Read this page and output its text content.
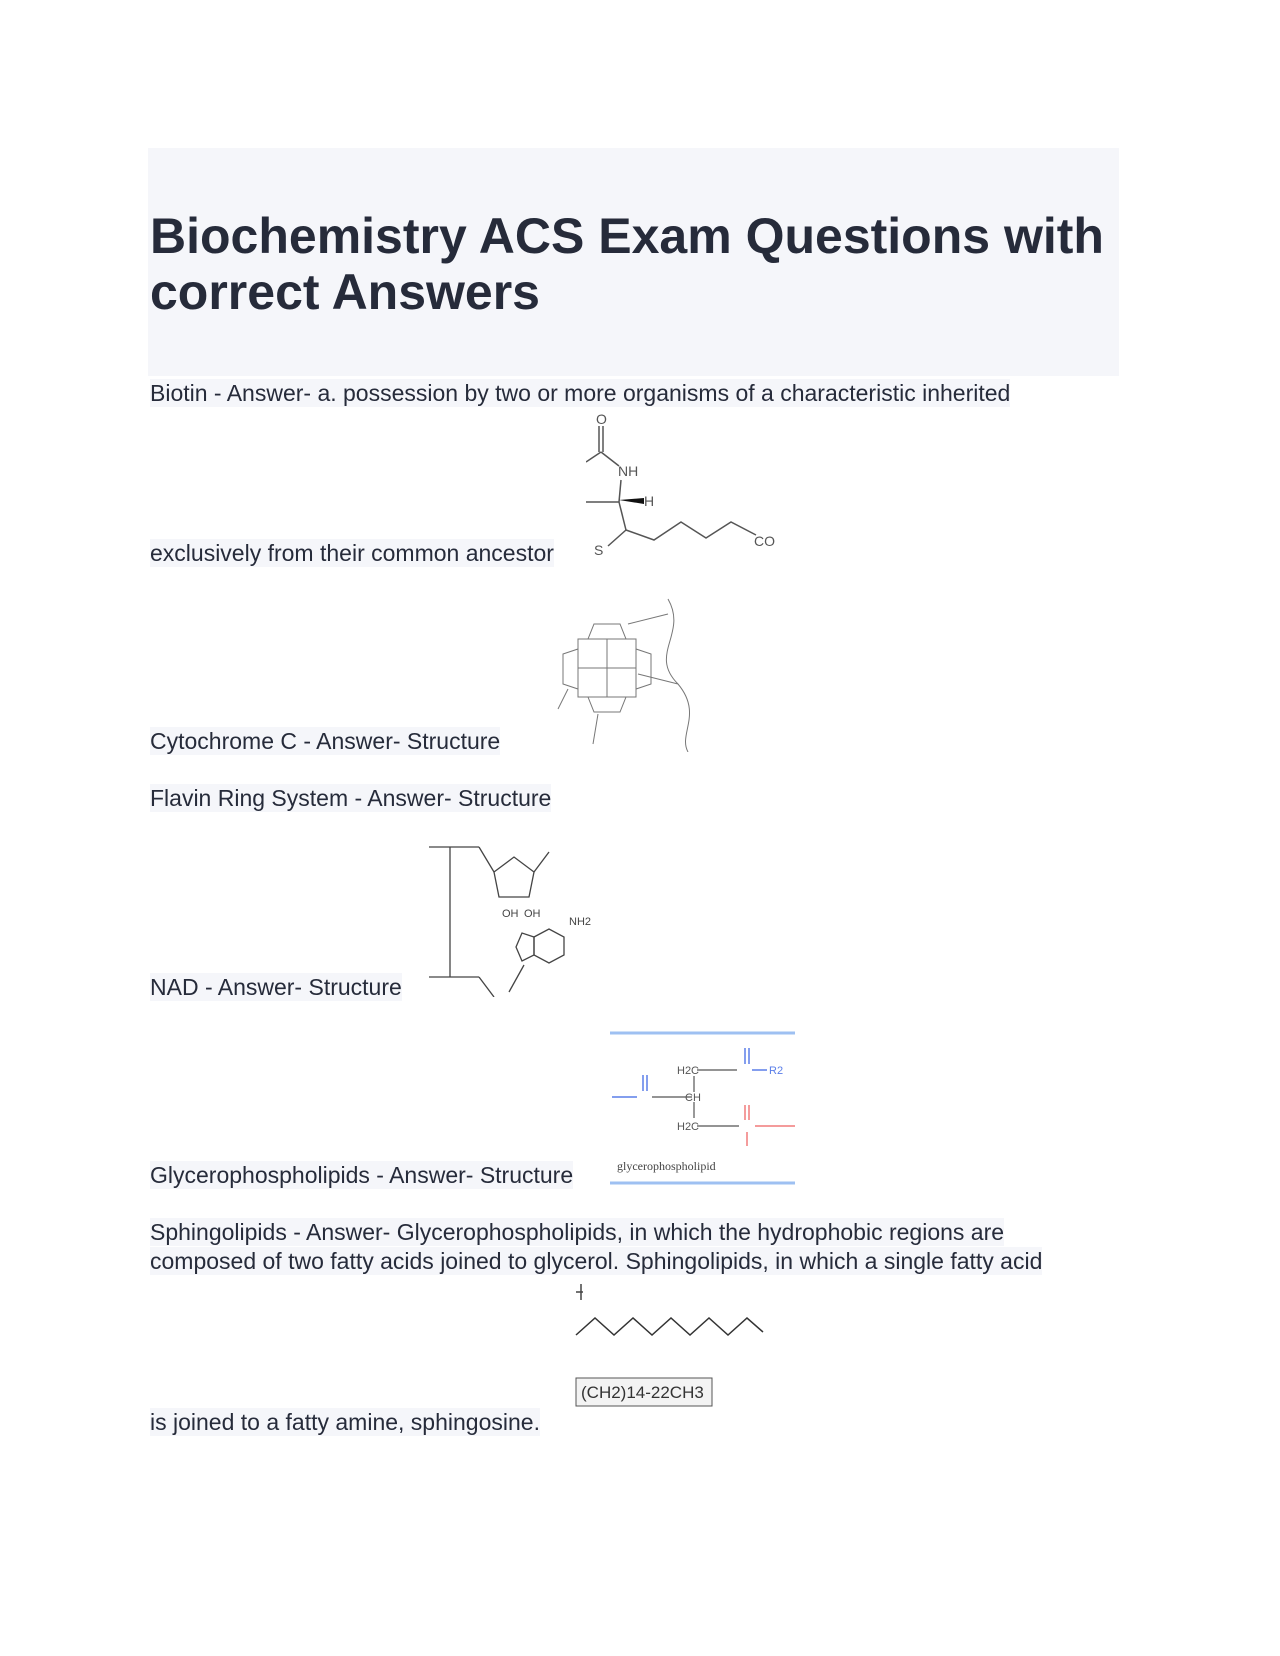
Biochemistry ACS Exam Questions with correct Answers
Biotin - Answer- a. possession by two or more organisms of a characteristic inherited
exclusively from their common ancestor
O
NH
H
S
CO
Cytochrome C - Answer- Structure
Flavin Ring System - Answer- Structure
NAD - Answer- Structure
OH OH
NH2
Glycerophospholipids - Answer- Structure
H2C
CH
H2C
R2
glycerophospholipid
Sphingolipids - Answer- Glycerophospholipids, in which the hydrophobic regions are
composed of two fatty acids joined to glycerol. Sphingolipids, in which a single fatty acid
(CH2)14-22CH3
is joined to a fatty amine, sphingosine.
